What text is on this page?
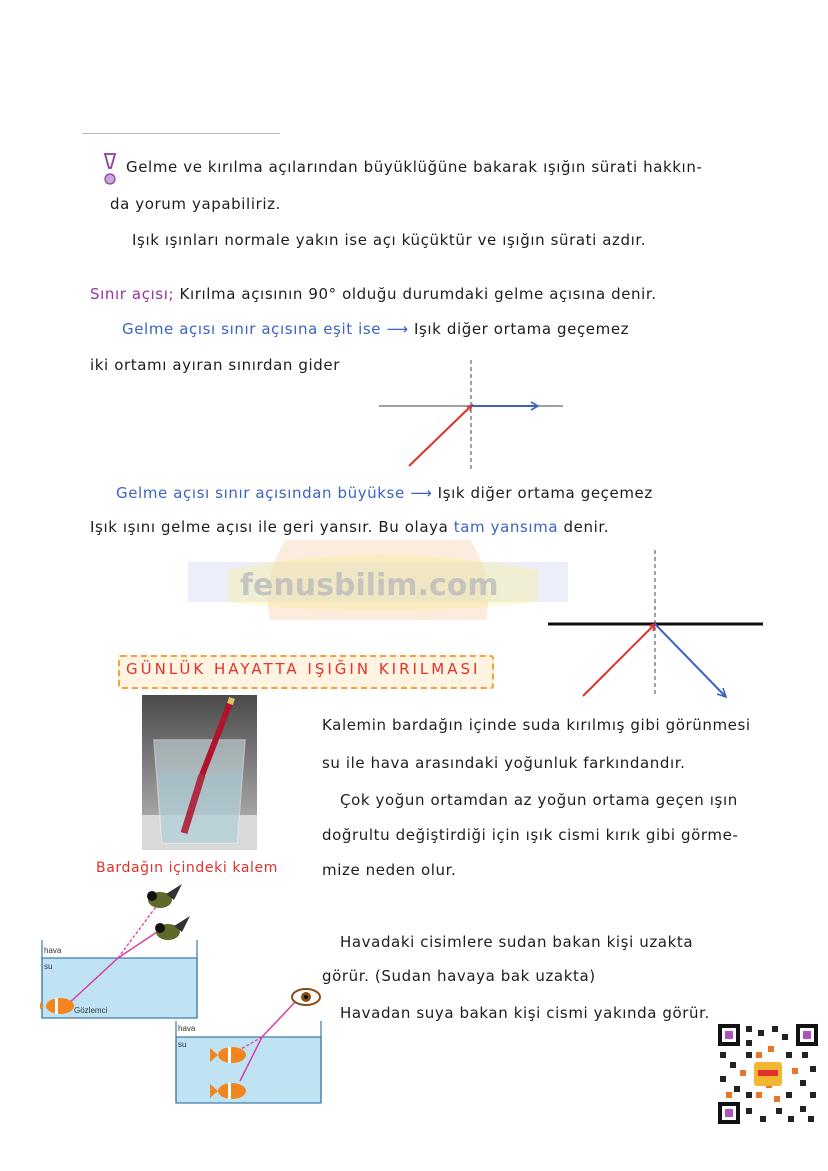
Gelme ve kırılma açılarından büyüklüğüne bakarak ışığın sürati hakkın-
da yorum yapabiliriz.
Işık ışınları normale yakın ise açı küçüktür ve ışığın sürati azdır.
Sınır açısı; Kırılma açısının 90° olduğu durumdaki gelme açısına denir.
Gelme açısı sınır açısına eşit ise ⟶ Işık diğer ortama geçemez
iki ortamı ayıran sınırdan gider
Gelme açısı sınır açısından büyükse ⟶ Işık diğer ortama geçemez
Işık ışını gelme açısı ile geri yansır. Bu olaya tam yansıma denir.
fenusbilim.com
GÜNLÜK HAYATTA IŞIĞIN KIRILMASI
Bardağın içindeki kalem
Kalemin bardağın içinde suda kırılmış gibi görünmesi
su ile hava arasındaki yoğunluk farkındandır.
Çok yoğun ortamdan az yoğun ortama geçen ışın
doğrultu değiştirdiği için ışık cismi kırık gibi görme-
mize neden olur.
hava
su
Gözlemci
hava
su
Havadaki cisimlere sudan bakan kişi uzakta
görür. (Sudan havaya bak uzakta)
Havadan suya bakan kişi cismi yakında görür.
